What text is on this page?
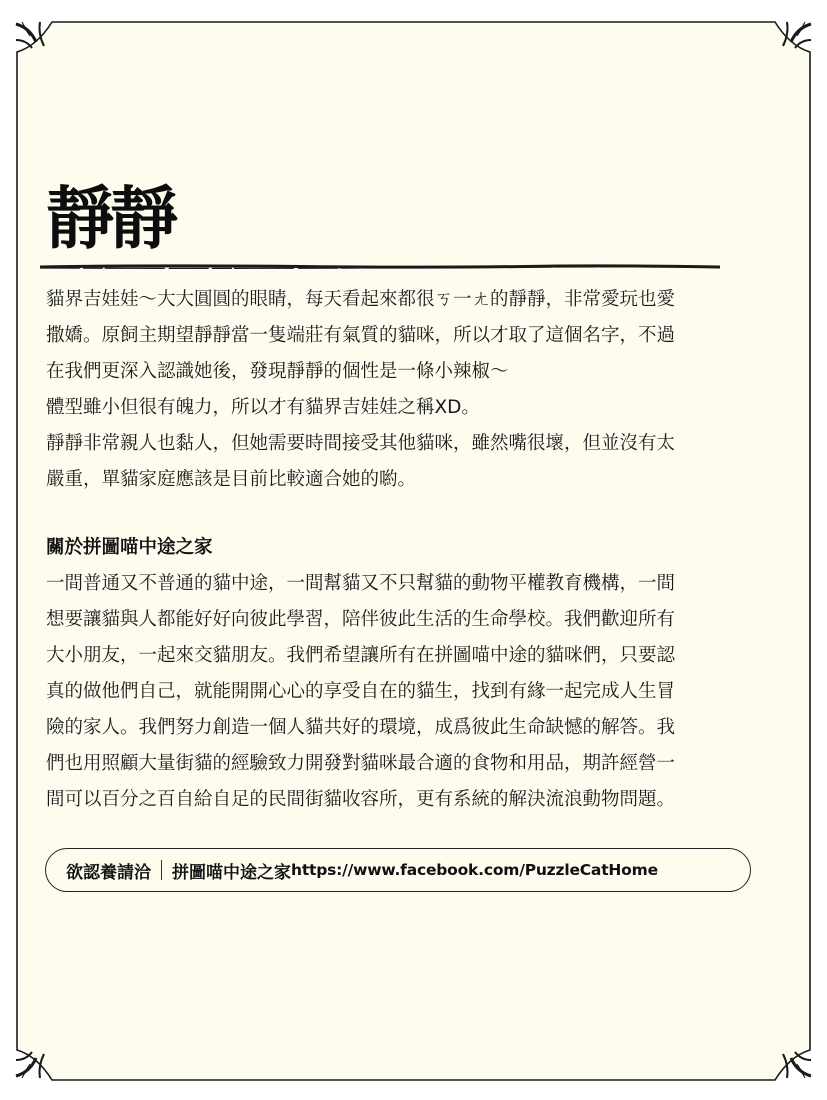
靜靜

貓界吉娃娃～大大圓圓的眼睛，每天看起來都很ㄎ一ㄤ的靜靜，非常愛玩也愛

撒嬌。原飼主期望靜靜當一隻端莊有氣質的貓咪，所以才取了這個名字，不過

在我們更深入認識她後，發現靜靜的個性是一條小辣椒～

體型雖小但很有魄力，所以才有貓界吉娃娃之稱XD。

靜靜非常親人也黏人，但她需要時間接受其他貓咪，雖然嘴很壞，但並沒有太

嚴重，單貓家庭應該是目前比較適合她的喲。

關於拼圖喵中途之家

一間普通又不普通的貓中途，一間幫貓又不只幫貓的動物平權教育機構，一間

想要讓貓與人都能好好向彼此學習，陪伴彼此生活的生命學校。我們歡迎所有

大小朋友，一起來交貓朋友。我們希望讓所有在拼圖喵中途的貓咪們，只要認

真的做他們自己，就能開開心心的享受自在的貓生，找到有緣一起完成人生冒

險的家人。我們努力創造一個人貓共好的環境，成爲彼此生命缺憾的解答。我

們也用照顧大量街貓的經驗致力開發對貓咪最合適的食物和用品，期許經營一

間可以百分之百自給自足的民間街貓收容所，更有系統的解決流浪動物問題。

欲認養請洽 拼圖喵中途之家 https://www.facebook.com/PuzzleCatHome
